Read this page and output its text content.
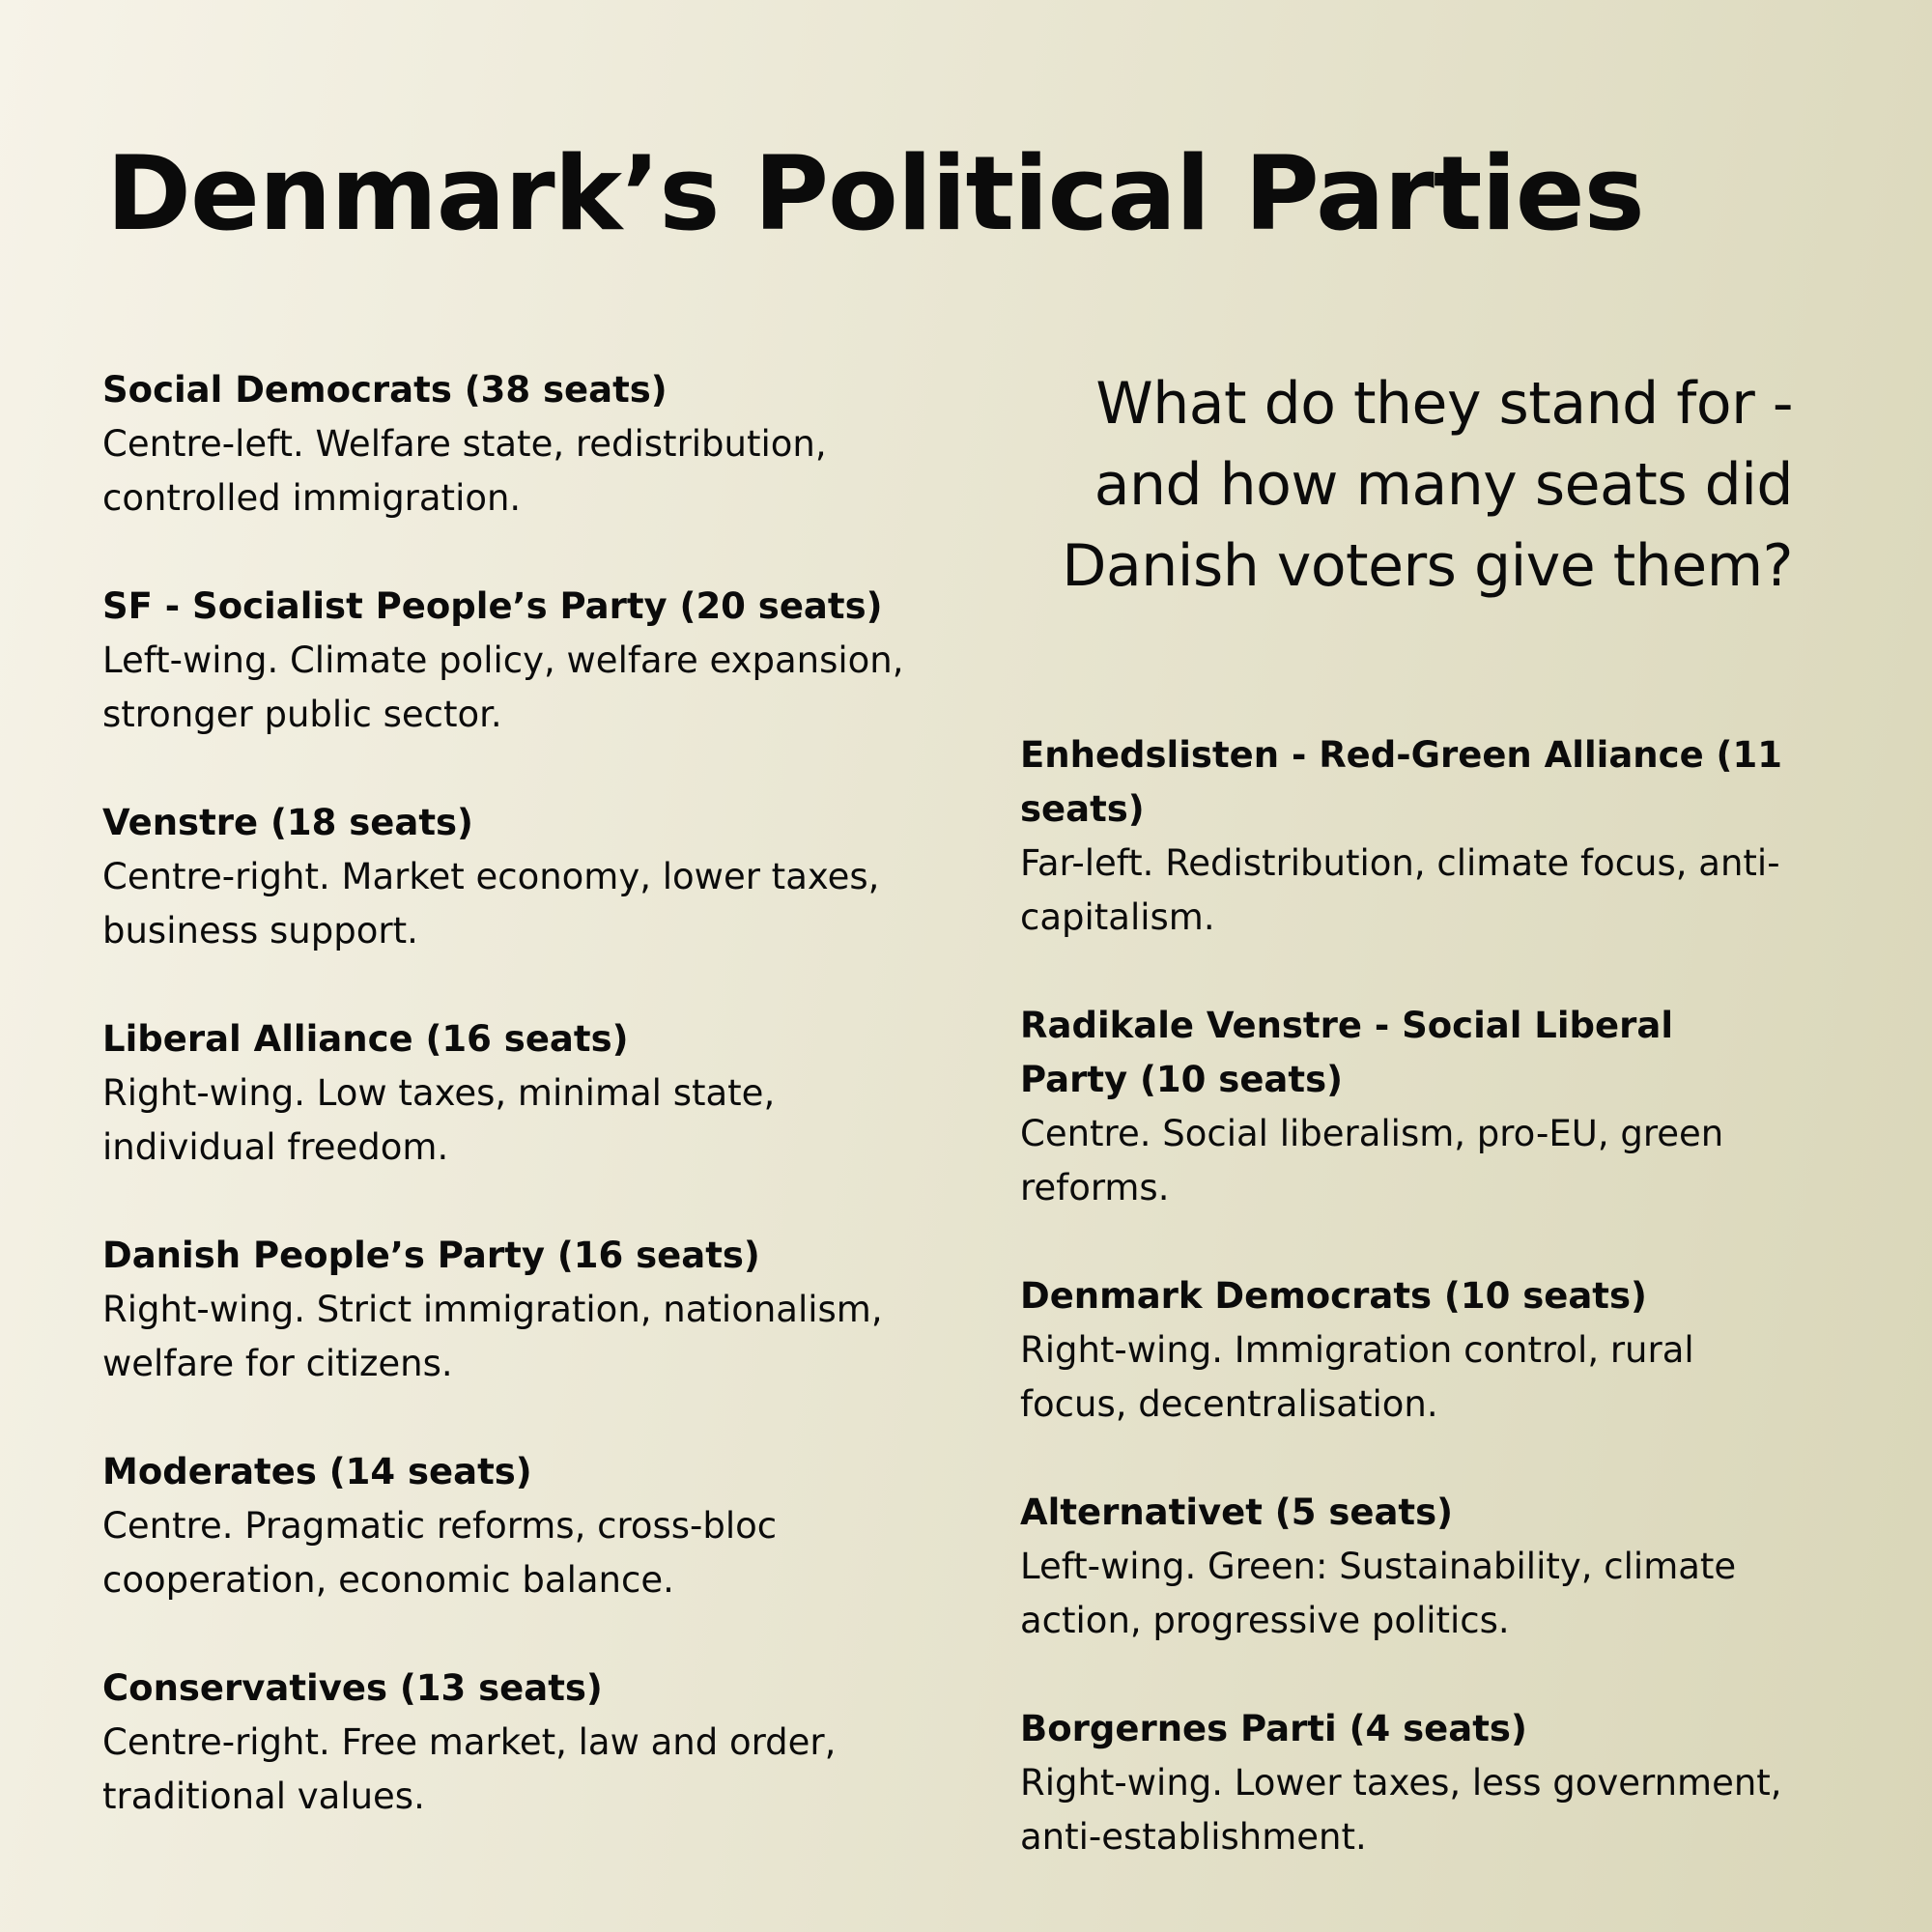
Denmark’s Political Parties

Social Democrats (38 seats)

Centre-left. Welfare state, redistribution, controlled immigration.

SF - Socialist People’s Party (20 seats)

Left-wing. Climate policy, welfare expansion, stronger public sector.

Venstre (18 seats)

Centre-right. Market economy, lower taxes, business support.

Liberal Alliance (16 seats)

Right-wing. Low taxes, minimal state, individual freedom.

Danish People’s Party (16 seats)

Right-wing. Strict immigration, nationalism, welfare for citizens.

Moderates (14 seats)

Centre. Pragmatic reforms, cross-bloc cooperation, economic balance.

Conservatives (13 seats)

Centre-right. Free market, law and order, traditional values.

What do they stand for - and how many seats did Danish voters give them?

Enhedslisten - Red-Green Alliance (11 seats)

Far-left. Redistribution, climate focus, anti-capitalism.

Radikale Venstre - Social Liberal Party (10 seats)

Centre. Social liberalism, pro-EU, green reforms.

Denmark Democrats (10 seats)

Right-wing. Immigration control, rural focus, decentralisation.

Alternativet (5 seats)

Left-wing. Green: Sustainability, climate action, progressive politics.

Borgernes Parti (4 seats)

Right-wing. Lower taxes, less government, anti-establishment.
